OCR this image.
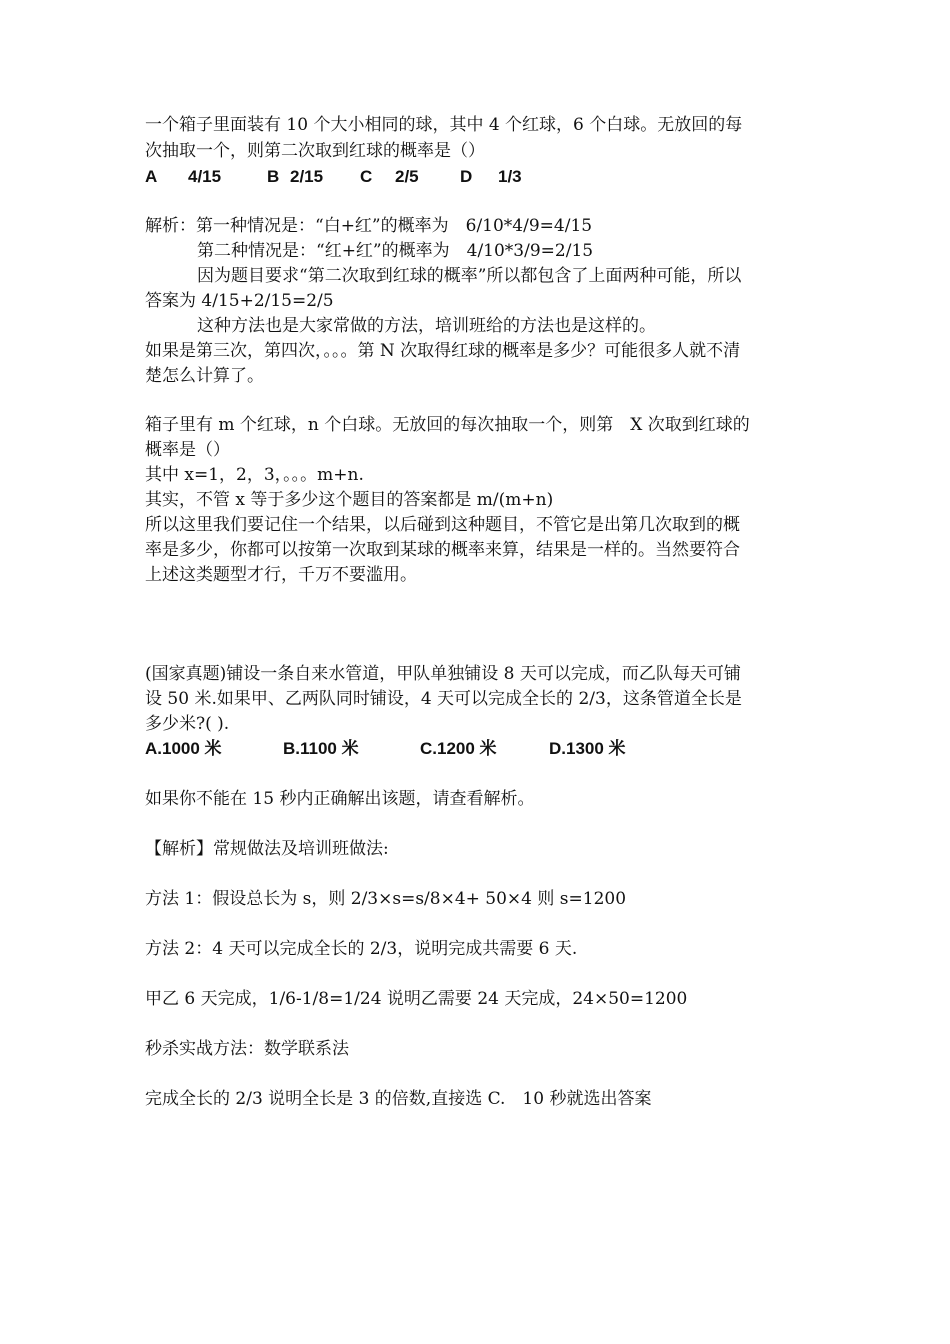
一个箱子里面装有 10 个大小相同的球，其中 4 个红球，6 个白球。无放回的每
次抽取一个，则第二次取到红球的概率是（）
A 4/15	B 2/15 C 2/5 D 1/3
解析：第一种情况是：“白+红”的概率为　6/10*4/9=4/15
第二种情况是：“红+红”的概率为　4/10*3/9=2/15
因为题目要求“第二次取到红球的概率”所以都包含了上面两种可能，所以
答案为 4/15+2/15=2/5
这种方法也是大家常做的方法，培训班给的方法也是这样的。
如果是第三次，第四次，。。。第 N 次取得红球的概率是多少？可能很多人就不清
楚怎么计算了。
箱子里有 m 个红球，n 个白球。无放回的每次抽取一个，则第　X 次取到红球的
概率是（）
其中 x=1，2，3，。。。m+n.
其实，不管 x 等于多少这个题目的答案都是 m/(m+n)
所以这里我们要记住一个结果，以后碰到这种题目，不管它是出第几次取到的概
率是多少，你都可以按第一次取到某球的概率来算，结果是一样的。当然要符合
上述这类题型才行，千万不要滥用。
(国家真题)铺设一条自来水管道，甲队单独铺设 8 天可以完成，而乙队每天可铺
设 50 米.如果甲、乙两队同时铺设，4 天可以完成全长的 2/3，这条管道全长是
多少米?( ).
A.1000 米	B.1100 米	C.1200 米	D.1300 米
如果你不能在 15 秒内正确解出该题，请查看解析。
【解析】常规做法及培训班做法:
方法 1：假设总长为 s，则 2/3×s=s/8×4+ 50×4 则 s=1200
方法 2：4 天可以完成全长的 2/3，说明完成共需要 6 天.
甲乙 6 天完成，1/6-1/8=1/24 说明乙需要 24 天完成，24×50=1200
秒杀实战方法：数学联系法
完成全长的 2/3 说明全长是 3 的倍数,直接选 C.　10 秒就选出答案
